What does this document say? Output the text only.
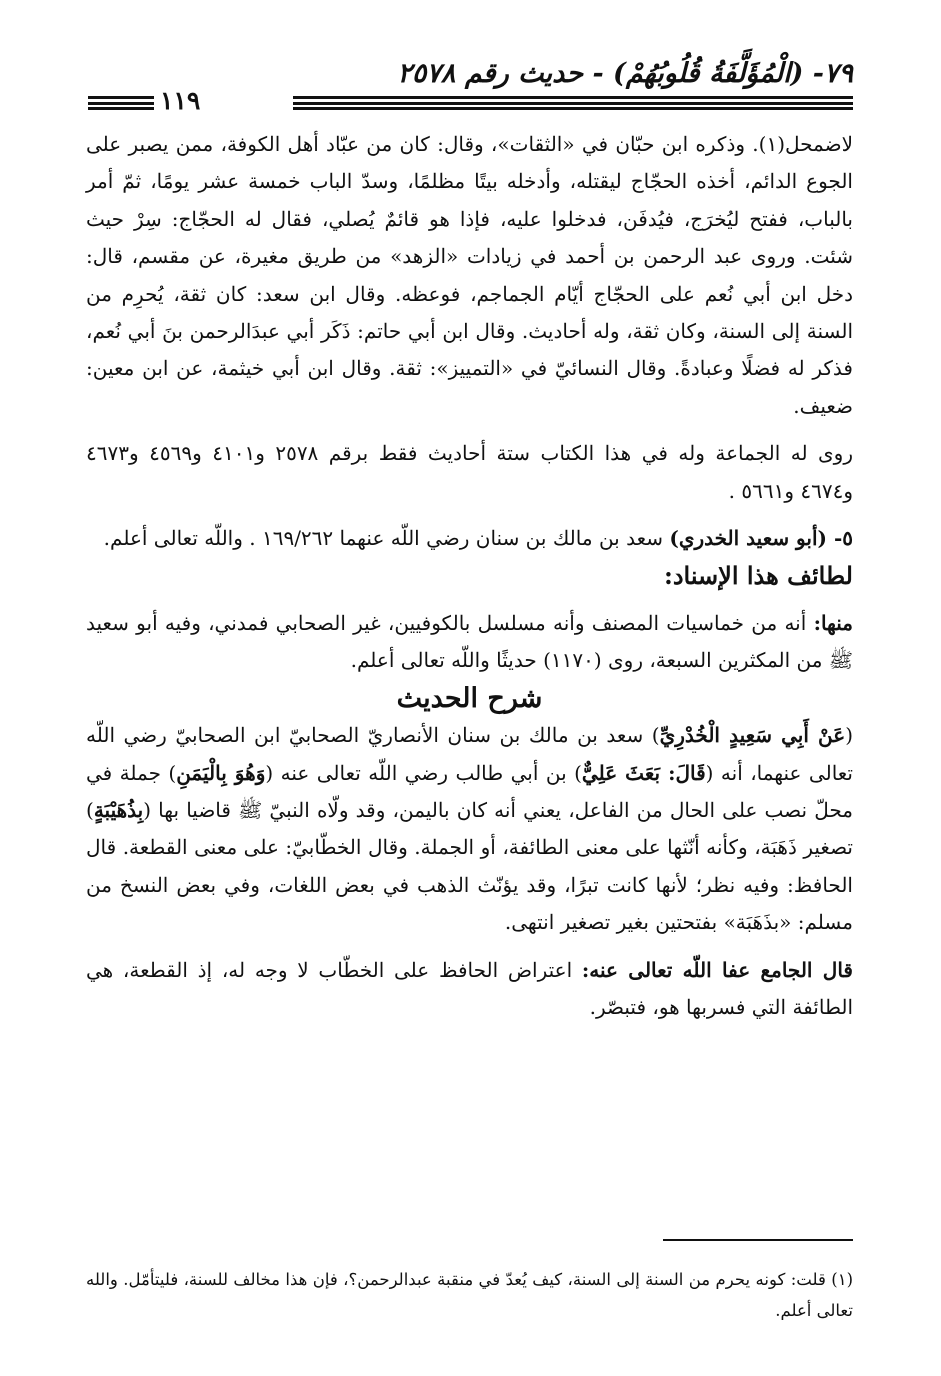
٧٩- (الْمُؤَلَّفَةُ قُلُوبُهُمْ) - حديث رقم ٢٥٧٨
١١٩

لاضمحل(١). وذكره ابن حبّان في «الثقات»، وقال: كان من عبّاد أهل الكوفة، ممن يصبر على الجوع الدائم، أخذه الحجّاج ليقتله، وأدخله بيتًا مظلمًا، وسدّ الباب خمسة عشر يومًا، ثمّ أمر بالباب، ففتح ليُخرَج، فيُدفَن، فدخلوا عليه، فإذا هو قائمٌ يُصلي، فقال له الحجّاج: سِرْ حيث شئت. وروى عبد الرحمن بن أحمد في زيادات «الزهد» من طريق مغيرة، عن مقسم، قال: دخل ابن أبي نُعم على الحجّاج أيّام الجماجم، فوعظه. وقال ابن سعد: كان ثقة، يُحرِم من السنة إلى السنة، وكان ثقة، وله أحاديث. وقال ابن أبي حاتم: ذَكَر أبي عبدَالرحمن بنَ أبي نُعم، فذكر له فضلًا وعبادةً. وقال النسائيّ في «التمييز»: ثقة. وقال ابن أبي خيثمة، عن ابن معين: ضعيف.

روى له الجماعة وله في هذا الكتاب ستة أحاديث فقط برقم ٢٥٧٨ و٤١٠١ و٤٥٦٩ و٤٦٧٣ و٤٦٧٤ و٥٦٦١ .

٥- (أبو سعيد الخدري) سعد بن مالك بن سنان رضي اللّه عنهما ١٦٩/٢٦٢ . واللّه تعالى أعلم.

لطائف هذا الإسناد:

منها: أنه من خماسيات المصنف وأنه مسلسل بالكوفيين، غير الصحابي فمدني، وفيه أبو سعيد ﷺ من المكثرين السبعة، روى (١١٧٠) حديثًا واللّه تعالى أعلم.

شرح الحديث

(عَنْ أَبِي سَعِيدٍ الْخُدْرِيِّ) سعد بن مالك بن سنان الأنصاريّ الصحابيّ ابن الصحابيّ رضي اللّه تعالى عنهما، أنه (قَالَ: بَعَثَ عَلِيٌّ) بن أبي طالب رضي اللّه تعالى عنه (وَهُوَ بِالْيَمَنِ) جملة في محلّ نصب على الحال من الفاعل، يعني أنه كان باليمن، وقد ولّاه النبيّ ﷺ قاضيا بها (بِذُهَيْبَةٍ) تصغير ذَهَبَة، وكأنه أنّثها على معنى الطائفة، أو الجملة. وقال الخطّابيّ: على معنى القطعة. قال الحافظ: وفيه نظر؛ لأنها كانت تبرًا، وقد يؤنّث الذهب في بعض اللغات، وفي بعض النسخ من مسلم: «بذَهَبَة» بفتحتين بغير تصغير انتهى.

قال الجامع عفا اللّه تعالى عنه: اعتراض الحافظ على الخطّاب لا وجه له، إذ القطعة، هي الطائفة التي فسربها هو، فتبصّر.

(١) قلت: كونه يحرم من السنة إلى السنة، كيف يُعدّ في منقبة عبدالرحمن؟، فإن هذا مخالف للسنة، فليتأمّل. والله تعالى أعلم.
